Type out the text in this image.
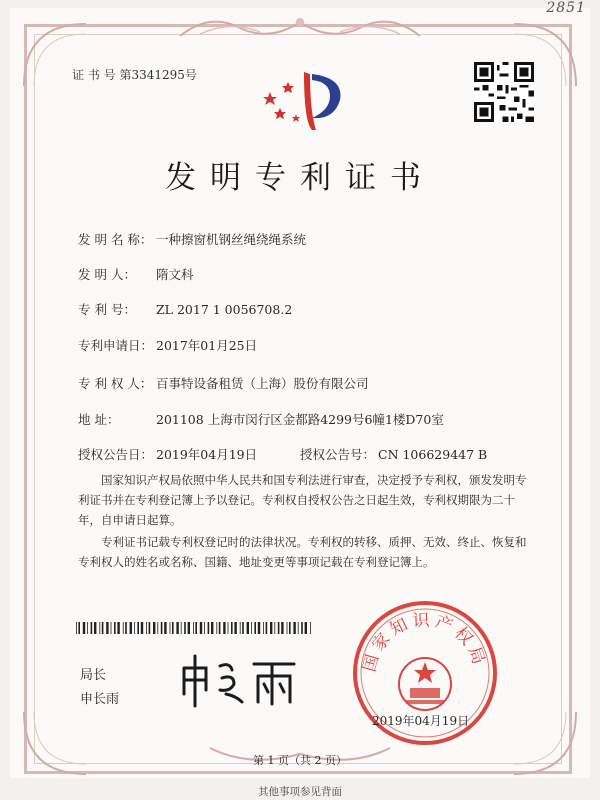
2851
证 书 号 第3341295号
发明专利证书
发 明 名 称： 一种擦窗机钢丝绳绕绳系统
发 明 人： 隋文科
专 利 号： ZL 2017 1 0056708.2
专利申请日： 2017年01月25日
专 利 权 人： 百事特设备租赁（上海）股份有限公司
地 址：	201108 上海市闵行区金都路4299号6幢1楼D70室
授权公告日： 2019年04月19日	授权公告号： CN 106629447 B
国家知识产权局依照中华人民共和国专利法进行审查，决定授予专利权，颁发发明专利证书并在专利登记簿上予以登记。专利权自授权公告之日起生效，专利权期限为二十年，自申请日起算。
专利证书记载专利权登记时的法律状况。专利权的转移、质押、无效、终止、恢复和专利权人的姓名或名称、国籍、地址变更等事项记载在专利登记簿上。
局长
申长雨
国家知识产权局
2019年04月19日
第 1 页（共 2 页）
其他事项参见背面
